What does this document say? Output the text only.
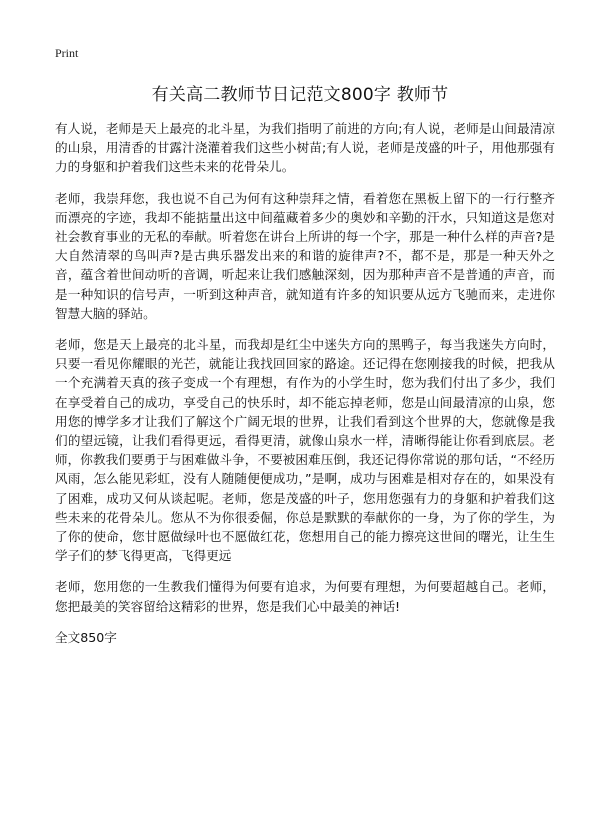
Print
有关高二教师节日记范文800字 教师节

有人说，老师是天上最亮的北斗星，为我们指明了前进的方向;有人说，老师是山间最清凉的山泉，用清香的甘露汁浇灌着我们这些小树苗;有人说，老师是茂盛的叶子，用他那强有力的身躯和护着我们这些未来的花骨朵儿。

老师，我崇拜您，我也说不自己为何有这种崇拜之情，看着您在黑板上留下的一行行整齐而漂亮的字迹，我却不能掂量出这中间蕴藏着多少的奥妙和辛勤的汗水，只知道这是您对社会教育事业的无私的奉献。听着您在讲台上所讲的每一个字，那是一种什么样的声音?是大自然清翠的鸟叫声?是古典乐器发出来的和谐的旋律声?不，都不是，那是一种天外之音，蕴含着世间动听的音调，听起来让我们感触深刻，因为那种声音不是普通的声音，而是一种知识的信号声，一听到这种声音，就知道有许多的知识要从远方飞驰而来，走进你智慧大脑的驿站。

老师，您是天上最亮的北斗星，而我却是红尘中迷失方向的黑鸭子，每当我迷失方向时，只要一看见你耀眼的光芒，就能让我找回回家的路途。还记得在您刚接我的时候，把我从一个充满着天真的孩子变成一个有理想，有作为的小学生时，您为我们付出了多少，我们在享受着自己的成功，享受自己的快乐时，却不能忘掉老师，您是山间最清凉的山泉，您用您的博学多才让我们了解这个广阔无垠的世界，让我们看到这个世界的大，您就像是我们的望远镜，让我们看得更远，看得更清，就像山泉水一样，清晰得能让你看到底层。老师，你教我们要勇于与困难做斗争，不要被困难压倒，我还记得你常说的那句话，“不经历风雨，怎么能见彩虹，没有人随随便便成功，”是啊，成功与困难是相对存在的，如果没有了困难，成功又何从谈起呢。老师，您是茂盛的叶子，您用您强有力的身躯和护着我们这些未来的花骨朵儿。您从不为你很委倔，你总是默默的奉献你的一身，为了你的学生，为了你的使命，您甘愿做绿叶也不愿做红花，您想用自己的能力擦亮这世间的曙光，让生生学子们的梦飞得更高，飞得更远

老师，您用您的一生教我们懂得为何要有追求，为何要有理想，为何要超越自己。老师，您把最美的笑容留给这精彩的世界，您是我们心中最美的神话!

全文850字
